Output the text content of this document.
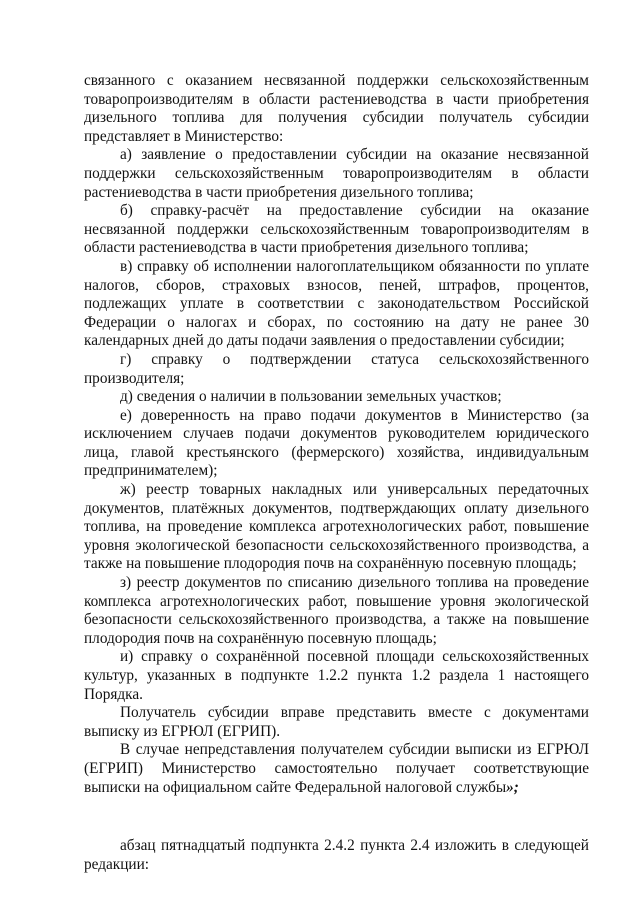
связанного с оказанием несвязанной поддержки сельскохозяйственным товаропроизводителям в области растениеводства в части приобретения дизельного топлива для получения субсидии получатель субсидии представляет в Министерство:

а) заявление о предоставлении субсидии на оказание несвязанной поддержки сельскохозяйственным товаропроизводителям в области растениеводства в части приобретения дизельного топлива;

б) справку-расчёт на предоставление субсидии на оказание несвязанной поддержки сельскохозяйственным товаропроизводителям в области растениеводства в части приобретения дизельного топлива;

в) справку об исполнении налогоплательщиком обязанности по уплате налогов, сборов, страховых взносов, пеней, штрафов, процентов, подлежащих уплате в соответствии с законодательством Российской Федерации о налогах и сборах, по состоянию на дату не ранее 30 календарных дней до даты подачи заявления о предоставлении субсидии;

г) справку о подтверждении статуса сельскохозяйственного производителя;

д) сведения о наличии в пользовании земельных участков;

е) доверенность на право подачи документов в Министерство (за исключением случаев подачи документов руководителем юридического лица, главой крестьянского (фермерского) хозяйства, индивидуальным предпринимателем);

ж) реестр товарных накладных или универсальных передаточных документов, платёжных документов, подтверждающих оплату дизельного топлива, на проведение комплекса агротехнологических работ, повышение уровня экологической безопасности сельскохозяйственного производства, а также на повышение плодородия почв на сохранённую посевную площадь;

з) реестр документов по списанию дизельного топлива на проведение комплекса агротехнологических работ, повышение уровня экологической безопасности сельскохозяйственного производства, а также на повышение плодородия почв на сохранённую посевную площадь;

и) справку о сохранённой посевной площади сельскохозяйственных культур, указанных в подпункте 1.2.2 пункта 1.2 раздела 1 настоящего Порядка.

Получатель субсидии вправе представить вместе с документами выписку из ЕГРЮЛ (ЕГРИП).

В случае непредставления получателем субсидии выписки из ЕГРЮЛ (ЕГРИП) Министерство самостоятельно получает соответствующие выписки на официальном сайте Федеральной налоговой службы»;

абзац пятнадцатый подпункта 2.4.2 пункта 2.4 изложить в следующей редакции:
